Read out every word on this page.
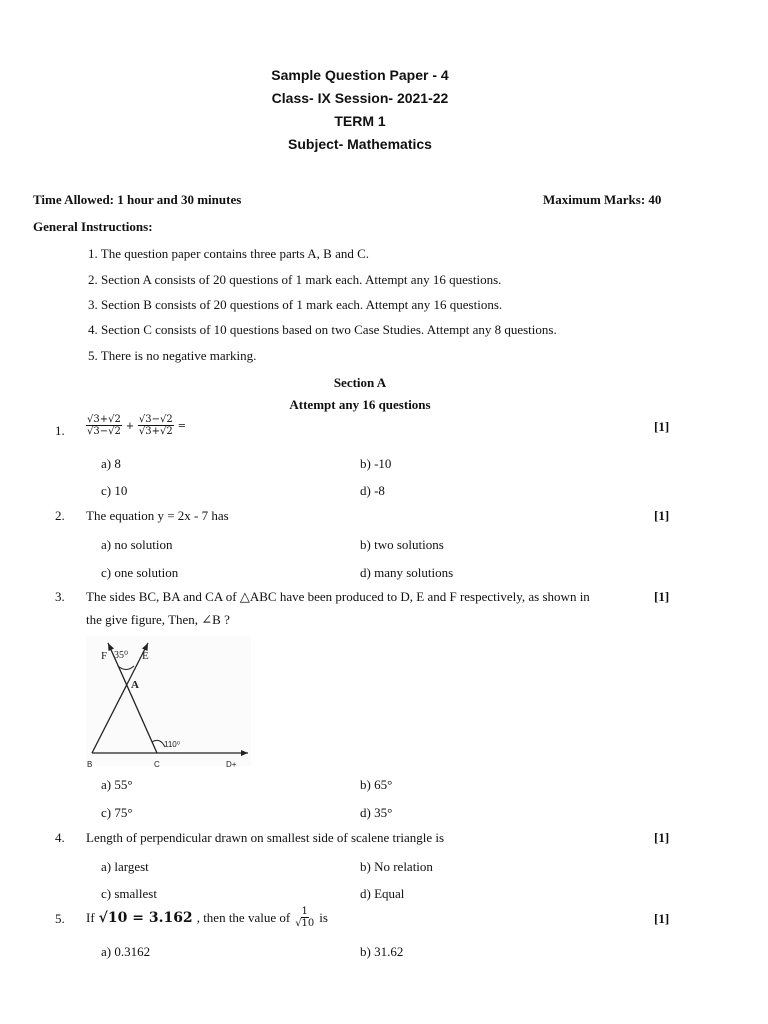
Sample Question Paper - 4
Class- IX Session- 2021-22
TERM 1
Subject- Mathematics
Time Allowed: 1 hour and 30 minutes	Maximum Marks: 40
General Instructions:
1. The question paper contains three parts A, B and C.
2. Section A consists of 20 questions of 1 mark each. Attempt any 16 questions.
3. Section B consists of 20 questions of 1 mark each. Attempt any 16 questions.
4. Section C consists of 10 questions based on two Case Studies. Attempt any 8 questions.
5. There is no negative marking.
Section A
Attempt any 16 questions
1. $\frac{√3+√2}{√3-√2} + \frac{√3-√2}{√3+√2}$ =	[1]
a) 8	b) -10
c) 10	d) -8
2. The equation y = 2x - 7 has	[1]
a) no solution	b) two solutions
c) one solution	d) many solutions
3. The sides BC, BA and CA of △ABC have been produced to D, E and F respectively, as shown in
the give figure, Then, ∠B ?
[1]
F 35⁰ E
A
110⁰
B	C	D+
a) 55°	b) 65°
c) 75°	d) 35°
4. Length of perpendicular drawn on smallest side of scalene triangle is	[1]
a) largest	b) No relation
c) smallest	d) Equal
5. If √10 = 3.162 , then the value of $\frac{1}{√10}$ is	[1]
a) 0.3162	b) 31.62
